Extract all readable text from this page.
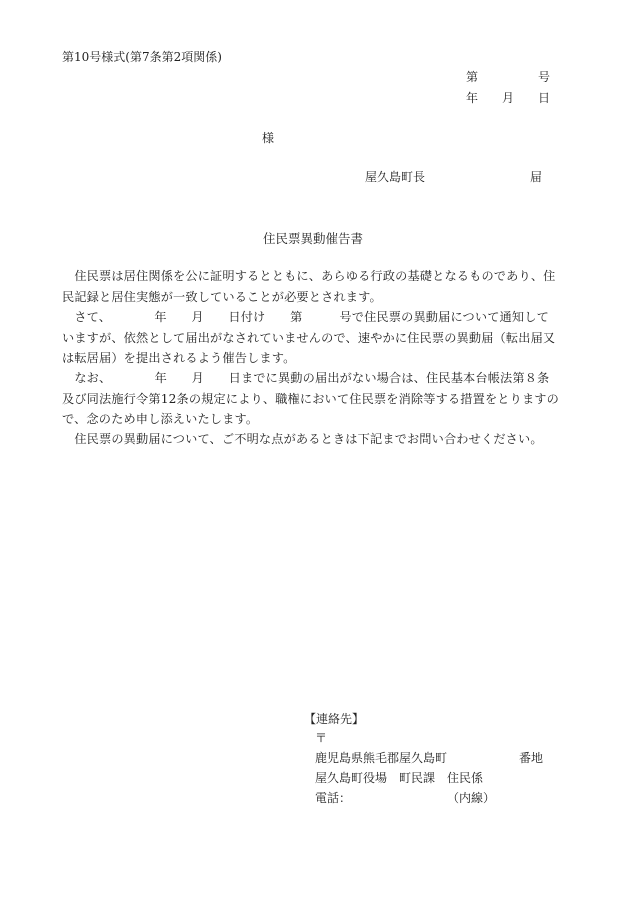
第10号様式(第7条第2項関係)
第　　　　　号
年　　月　　日
様
屋久島町長	屇
住民票異動催告書
　住民票は居住関係を公に証明するとともに、あらゆる行政の基礎となるものであり、住
民記録と居住実態が一致していることが必要とされます。
　さて、　　　　年　　月　　日付け　　第　　　号で住民票の異動届について通知して
いますが、依然として届出がなされていませんので、速やかに住民票の異動届（転出届又
は転居届）を提出されるよう催告します。
　なお、　　　　年　　月　　日までに異動の届出がない場合は、住民基本台帳法第８条
及び同法施行令第12条の規定により、職権において住民票を消除等する措置をとりますの
で、念のため申し添えいたします。
　住民票の異動届について、ご不明な点があるときは下記までお問い合わせください。
【連絡先】
〒
鹿児島県熊毛郡屋久島町　　　　　　番地
屋久島町役場　町民課　住民係
電話：　　　　　　　　　（内線）
